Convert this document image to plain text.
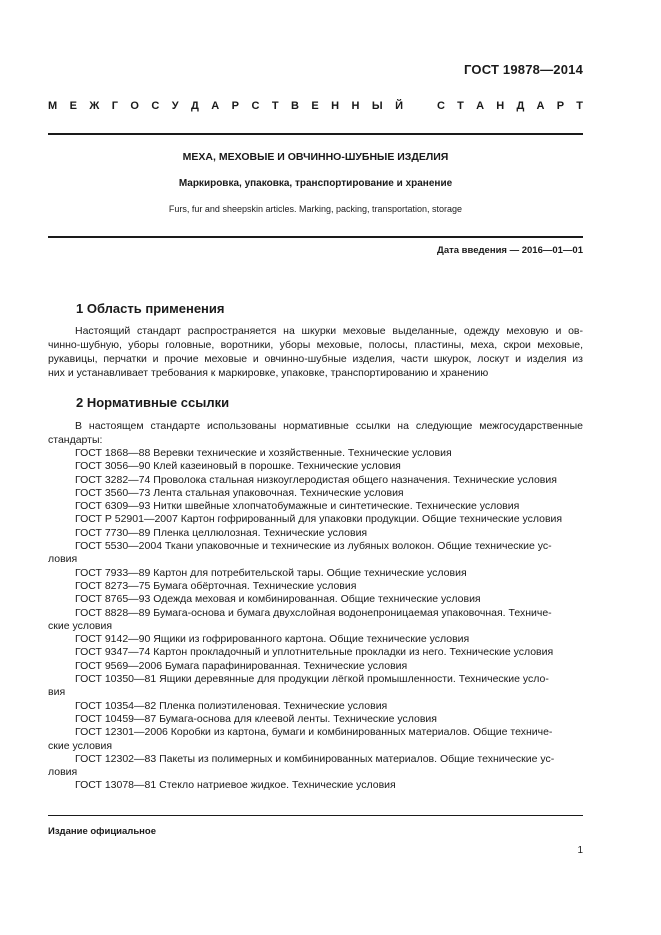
ГОСТ 19878—2014
М Е Ж Г О С У Д А Р С Т В Е Н Н Ы Й	С Т А Н Д А Р Т
МЕХА, МЕХОВЫЕ И ОВЧИННО-ШУБНЫЕ ИЗДЕЛИЯ
Маркировка, упаковка, транспортирование и хранение
Furs, fur and sheepskin articles. Marking, packing, transportation, storage
Дата введения — 2016—01—01
1 Область применения
Настоящий стандарт распространяется на шкурки меховые выделанные, одежду меховую и ов-
чинно-шубную, уборы головные, воротники, уборы меховые, полосы, пластины, меха, скрои меховые,
рукавицы, перчатки и прочие меховые и овчинно-шубные изделия, части шкурок, лоскут и изделия из
них и устанавливает требования к маркировке, упаковке, транспортированию и хранению
2 Нормативные ссылки
В настоящем стандарте использованы нормативные ссылки на следующие межгосударственные
стандарты:
ГОСТ 1868—88 Веревки технические и хозяйственные. Технические условия
ГОСТ 3056—90 Клей казеиновый в порошке. Технические условия
ГОСТ 3282—74 Проволока стальная низкоуглеродистая общего назначения. Технические условия
ГОСТ 3560—73 Лента стальная упаковочная. Технические условия
ГОСТ 6309—93 Нитки швейные хлопчатобумажные и синтетические. Технические условия
ГОСТ Р 52901—2007 Картон гофрированный для упаковки продукции. Общие технические условия
ГОСТ 7730—89 Пленка целлюлозная. Технические условия
ГОСТ 5530—2004 Ткани упаковочные и технические из лубяных волокон. Общие технические ус-
ловия
ГОСТ 7933—89 Картон для потребительской тары. Общие технические условия
ГОСТ 8273—75 Бумага обёрточная. Технические условия
ГОСТ 8765—93 Одежда меховая и комбинированная. Общие технические условия
ГОСТ 8828—89 Бумага-основа и бумага двухслойная водонепроницаемая упаковочная. Техниче-
ские условия
ГОСТ 9142—90 Ящики из гофрированного картона. Общие технические условия
ГОСТ 9347—74 Картон прокладочный и уплотнительные прокладки из него. Технические условия
ГОСТ 9569—2006 Бумага парафинированная. Технические условия
ГОСТ 10350—81 Ящики деревянные для продукции лёгкой промышленности. Технические усло-
вия
ГОСТ 10354—82 Пленка полиэтиленовая. Технические условия
ГОСТ 10459—87 Бумага-основа для клеевой ленты. Технические условия
ГОСТ 12301—2006 Коробки из картона, бумаги и комбинированных материалов. Общие техниче-
ские условия
ГОСТ 12302—83 Пакеты из полимерных и комбинированных материалов. Общие технические ус-
ловия
ГОСТ 13078—81 Стекло натриевое жидкое. Технические условия
Издание официальное
1
